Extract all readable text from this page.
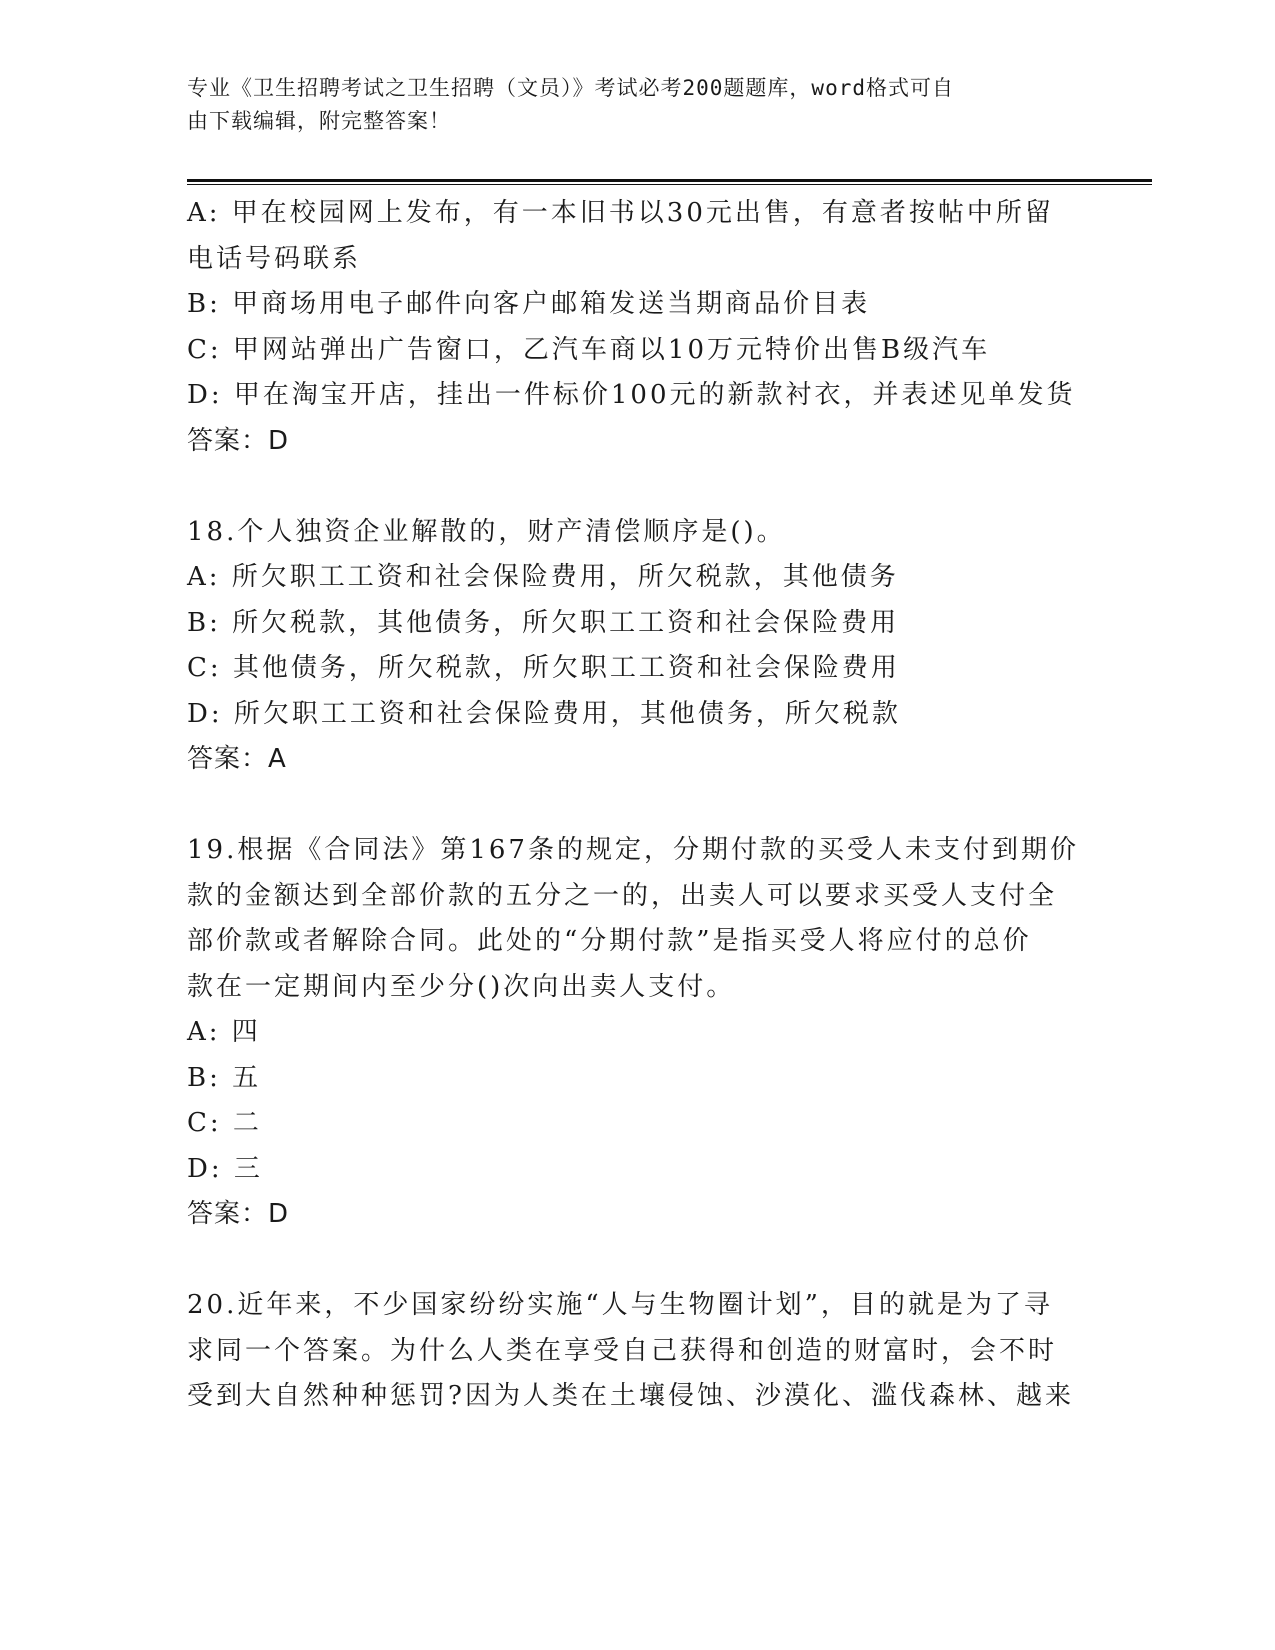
专业《卫生招聘考试之卫生招聘（文员）》考试必考200题题库，word格式可自
由下载编辑，附完整答案！
A: 甲在校园网上发布，有一本旧书以30元出售，有意者按帖中所留
电话号码联系
B: 甲商场用电子邮件向客户邮箱发送当期商品价目表
C: 甲网站弹出广告窗口，乙汽车商以10万元特价出售B级汽车
D: 甲在淘宝开店，挂出一件标价100元的新款衬衣，并表述见单发货
答案：D
18.个人独资企业解散的，财产清偿顺序是()。
A: 所欠职工工资和社会保险费用，所欠税款，其他债务
B: 所欠税款，其他债务，所欠职工工资和社会保险费用
C: 其他债务，所欠税款，所欠职工工资和社会保险费用
D: 所欠职工工资和社会保险费用，其他债务，所欠税款
答案：A
19.根据《合同法》第167条的规定，分期付款的买受人未支付到期价
款的金额达到全部价款的五分之一的，出卖人可以要求买受人支付全
部价款或者解除合同。此处的“分期付款”是指买受人将应付的总价
款在一定期间内至少分()次向出卖人支付。
A: 四
B: 五
C: 二
D: 三
答案：D
20.近年来，不少国家纷纷实施“人与生物圈计划”，目的就是为了寻
求同一个答案。为什么人类在享受自己获得和创造的财富时，会不时
受到大自然种种惩罚?因为人类在土壤侵蚀、沙漠化、滥伐森林、越来
